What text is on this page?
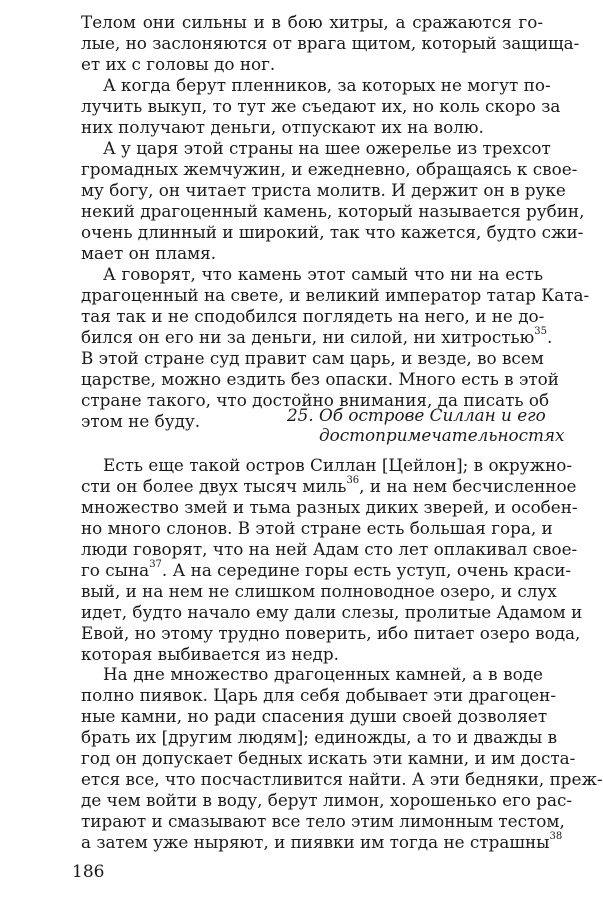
Телом они сильны и в бою хитры, а сражаются го-
лые, но заслоняются от врага щитом, который защища-
ет их с головы до ног.
А когда берут пленников, за которых не могут по-
лучить выкуп, то тут же съедают их, но коль скоро за
них получают деньги, отпускают их на волю.
А у царя этой страны на шее ожерелье из трехсот
громадных жемчужин, и ежедневно, обращаясь к свое-
му богу, он читает триста молитв. И держит он в руке
некий драгоценный камень, который называется рубин,
очень длинный и широкий, так что кажется, будто сжи-
мает он пламя.
А говорят, что камень этот самый что ни на есть
драгоценный на свете, и великий император татар Ката-
тая так и не сподобился поглядеть на него, и не до-
бился он его ни за деньги, ни силой, ни хитростью$^{35}$.
В этой стране суд правит сам царь, и везде, во всем
царстве, можно ездить без опаски. Много есть в этой
стране такого, что достойно внимания, да писать об
этом не буду.	25. Об острове Силлан и его
достопримечательностях
Есть еще такой остров Силлан [Цейлон]; в окружно-
сти он более двух тысяч миль$^{36}$, и на нем бесчисленное
множество змей и тьма разных диких зверей, и особен-
но много слонов. В этой стране есть большая гора, и
люди говорят, что на ней Адам сто лет оплакивал свое-
го сына$^{37}$. А на середине горы есть уступ, очень краси-
вый, и на нем не слишком полноводное озеро, и слух
идет, будто начало ему дали слезы, пролитые Адамом и
Евой, но этому трудно поверить, ибо питает озеро вода,
которая выбивается из недр.
186
На дне множество драгоценных камней, а в воде
полно пиявок. Царь для себя добывает эти драгоцен-
ные камни, но ради спасения души своей дозволяет
брать их [другим людям]; единожды, а то и дважды в
год он допускает бедных искать эти камни, и им доста-
ется все, что посчастливится найти. А эти бедняки, преж-
де чем войти в воду, берут лимон, хорошенько его рас-
тирают и смазывают все тело этим лимонным тестом,
а затем уже ныряют, и пиявки им тогда не страшны$^{38}$
